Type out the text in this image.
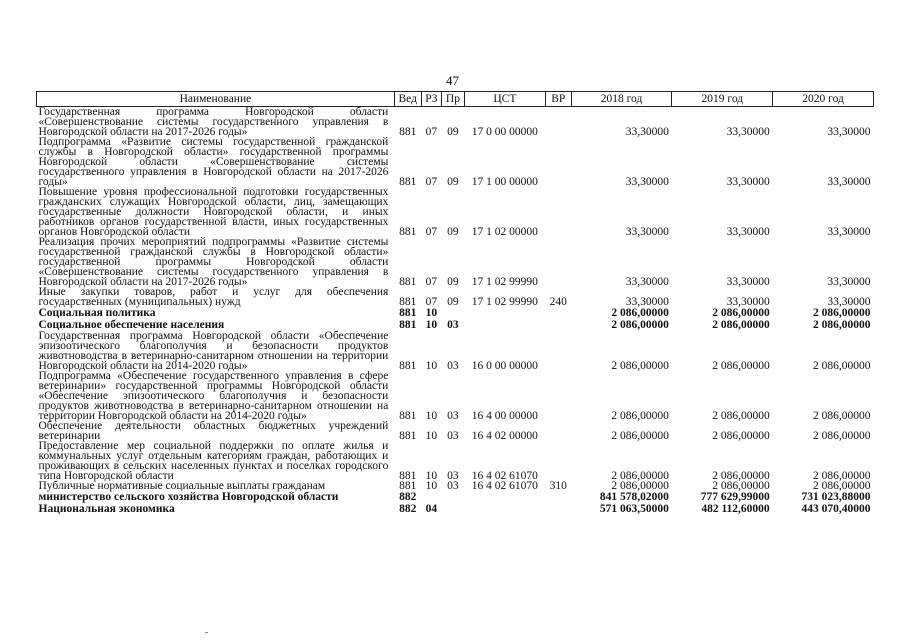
47
Наименование	Вед	РЗ	Пр	ЦСТ	ВР	2018 год	2019 год	2020 год

Государственная программа Новгородской области «Совершенствование системы государственного управления в Новгородской области на 2017-2026 годы»	881	07	09	17 0 00 00000		33,30000	33,30000	33,30000

Подпрограмма «Развитие системы государственной гражданской службы в Новгородской области» государственной программы Новгородской области «Совершенствование системы государственного управления в Новгородской области на 2017-2026 годы»	881	07	09	17 1 00 00000		33,30000	33,30000	33,30000

Повышение уровня профессиональной подготовки государственных гражданских служащих Новгородской области, лиц, замещающих государственные должности Новгородской области, и иных работников органов государственной власти, иных государственных органов Новгородской области	881	07	09	17 1 02 00000		33,30000	33,30000	33,30000

Реализация прочих мероприятий подпрограммы «Развитие системы государственной гражданской службы в Новгородской области» государственной программы Новгородской области «Совершенствование системы государственного управления в Новгородской области на 2017-2026 годы»	881	07	09	17 1 02 99990		33,30000	33,30000	33,30000

Иные закупки товаров, работ и услуг для обеспечения государственных (муниципальных) нужд	881	07	09	17 1 02 99990	240	33,30000	33,30000	33,30000

Социальная политика	881	10				2 086,00000	2 086,00000	2 086,00000

Социальное обеспечение населения	881	10	03			2 086,00000	2 086,00000	2 086,00000

Государственная программа Новгородской области «Обеспечение эпизоотического благополучия и безопасности продуктов животноводства в ветеринарно-санитарном отношении на территории Новгородской области на 2014-2020 годы»	881	10	03	16 0 00 00000		2 086,00000	2 086,00000	2 086,00000

Подпрограмма «Обеспечение государственного управления в сфере ветеринарии» государственной программы Новгородской области «Обеспечение эпизоотического благополучия и безопасности продуктов животноводства в ветеринарно-санитарном отношении на территории Новгородской области на 2014-2020 годы»	881	10	03	16 4 00 00000		2 086,00000	2 086,00000	2 086,00000

Обеспечение деятельности областных бюджетных учреждений ветеринарии	881	10	03	16 4 02 00000		2 086,00000	2 086,00000	2 086,00000

Предоставление мер социальной поддержки по оплате жилья и коммунальных услуг отдельным категориям граждан, работающих и проживающих в сельских населенных пунктах и поселках городского типа Новгородской области	881	10	03	16 4 02 61070		2 086,00000	2 086,00000	2 086,00000

Публичные нормативные социальные выплаты гражданам	881	10	03	16 4 02 61070	310	2 086,00000	2 086,00000	2 086,00000

министерство сельского хозяйства Новгородской области	882					841 578,02000	777 629,99000	731 023,88000

Национальная экономика	882	04				571 063,50000	482 112,60000	443 070,40000
